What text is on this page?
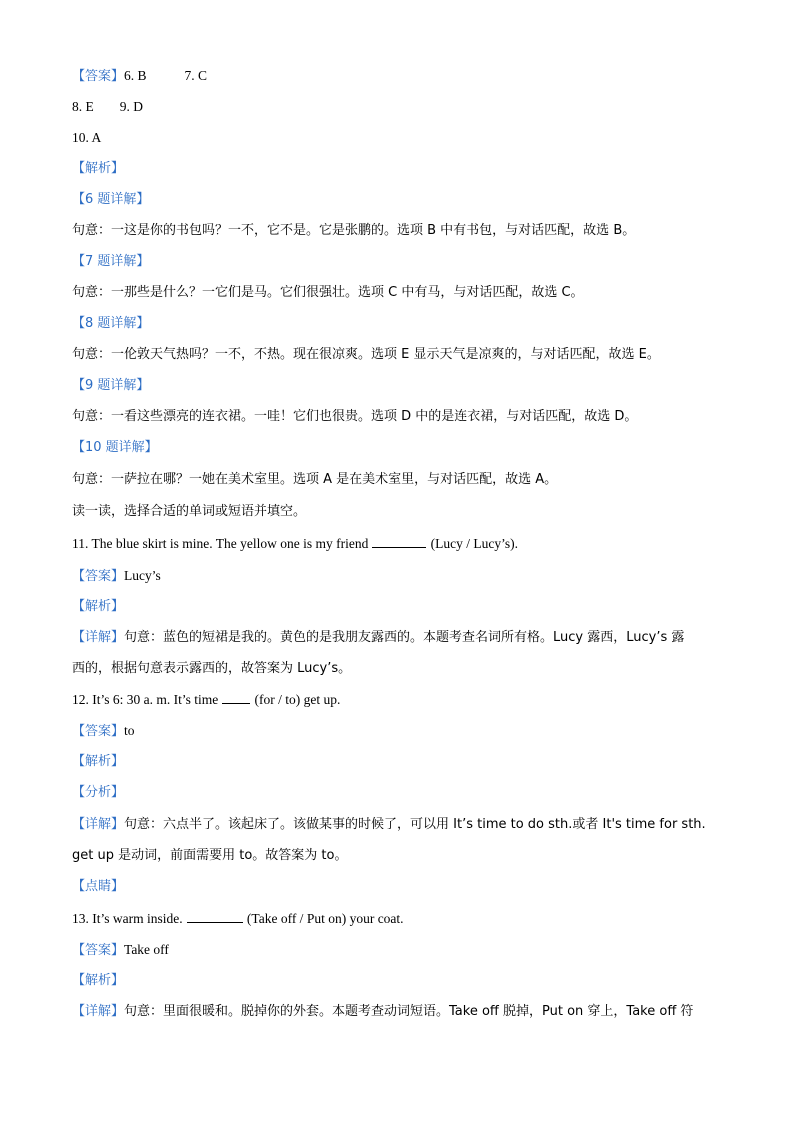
【答案】6. B	7. C
8. E 9. D
10. A
【解析】
【6 题详解】
句意：一这是你的书包吗？一不，它不是。它是张鹏的。选项 B 中有书包，与对话匹配，故选 B。
【7 题详解】
句意：一那些是什么？一它们是马。它们很强壮。选项 C 中有马，与对话匹配，故选 C。
【8 题详解】
句意：一伦敦天气热吗？一不，不热。现在很凉爽。选项 E 显示天气是凉爽的，与对话匹配，故选 E。
【9 题详解】
句意：一看这些漂亮的连衣裙。一哇！它们也很贵。选项 D 中的是连衣裙，与对话匹配，故选 D。
【10 题详解】
句意：一萨拉在哪？一她在美术室里。选项 A 是在美术室里，与对话匹配，故选 A。
读一读，选择合适的单词或短语并填空。
11. The blue skirt is mine. The yellow one is my friend	(Lucy / Lucy’s).
【答案】Lucy’s
【解析】
【详解】句意：蓝色的短裙是我的。黄色的是我朋友露西的。本题考查名词所有格。Lucy 露西，Lucy’s 露
西的，根据句意表示露西的，故答案为 Lucy’s。
12. It’s 6: 30 a. m. It’s time	(for / to) get up.
【答案】to
【解析】
【分析】
【详解】句意：六点半了。该起床了。该做某事的时候了，可以用 It’s time to do sth.或者 It's time for sth.
get up 是动词，前面需要用 to。故答案为 to。
【点睛】
13. It’s warm inside.	(Take off / Put on) your coat.
【答案】Take off
【解析】
【详解】句意：里面很暖和。脱掉你的外套。本题考查动词短语。Take off 脱掉，Put on 穿上，Take off 符
